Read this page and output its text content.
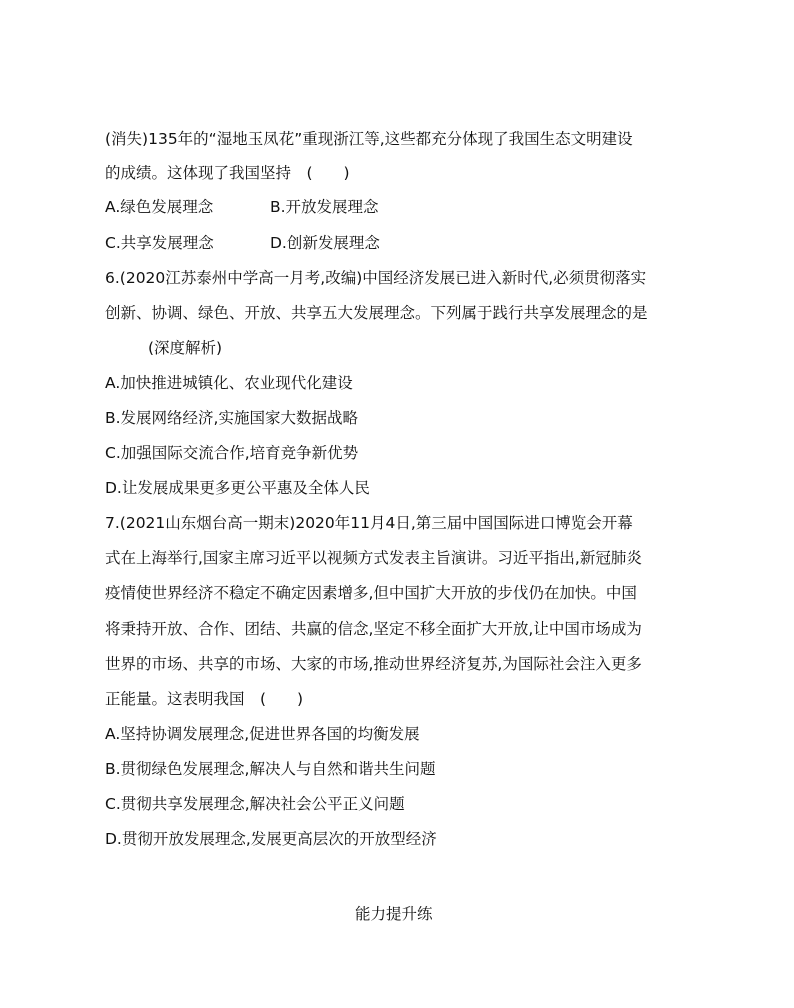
(消失)135年的“湿地玉凤花”重现浙江等,这些都充分体现了我国生态文明建设
的成绩。这体现了我国坚持　(　　)
A.绿色发展理念	B.开放发展理念
C.共享发展理念	D.创新发展理念
6.(2020江苏泰州中学高一月考,改编)中国经济发展已进入新时代,必须贯彻落实
创新、协调、绿色、开放、共享五大发展理念。下列属于践行共享发展理念的是
(深度解析)
A.加快推进城镇化、农业现代化建设
B.发展网络经济,实施国家大数据战略
C.加强国际交流合作,培育竞争新优势
D.让发展成果更多更公平惠及全体人民
7.(2021山东烟台高一期末)2020年11月4日,第三届中国国际进口博览会开幕
式在上海举行,国家主席习近平以视频方式发表主旨演讲。习近平指出,新冠肺炎
疫情使世界经济不稳定不确定因素增多,但中国扩大开放的步伐仍在加快。中国
将秉持开放、合作、团结、共赢的信念,坚定不移全面扩大开放,让中国市场成为
世界的市场、共享的市场、大家的市场,推动世界经济复苏,为国际社会注入更多
正能量。这表明我国　(　　)
A.坚持协调发展理念,促进世界各国的均衡发展
B.贯彻绿色发展理念,解决人与自然和谐共生问题
C.贯彻共享发展理念,解决社会公平正义问题
D.贯彻开放发展理念,发展更高层次的开放型经济
能力提升练
